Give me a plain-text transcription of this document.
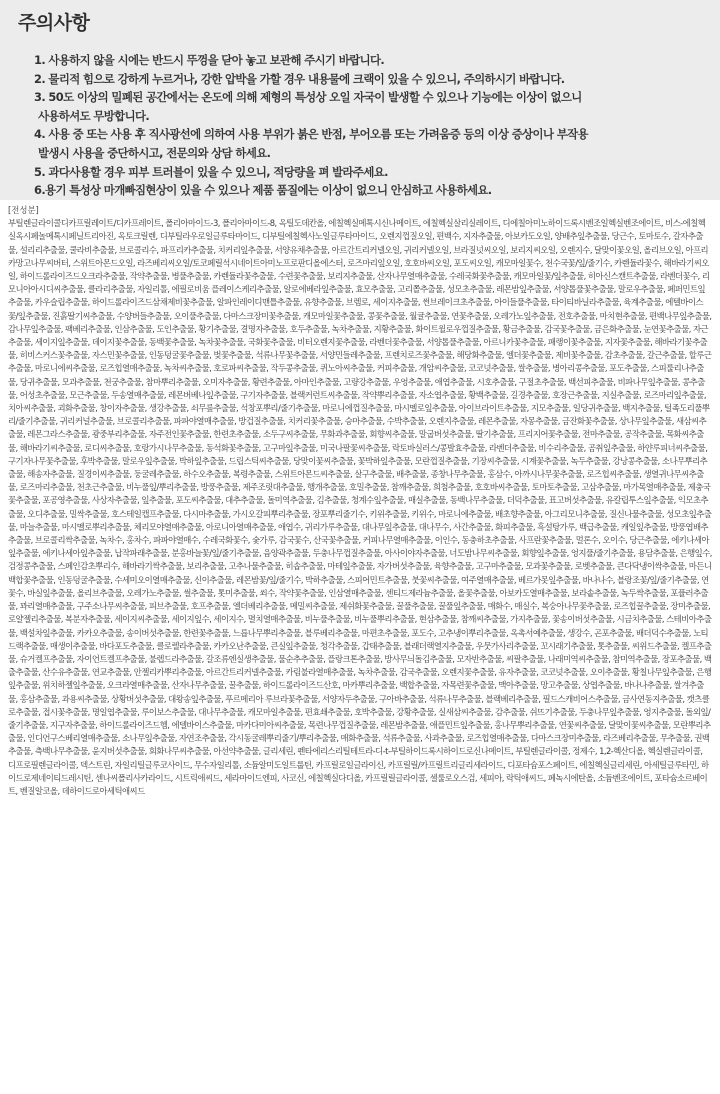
주의사항
1. 사용하지 않을 시에는 반드시 뚜껑을 닫아 놓고 보관해 주시기 바랍니다.
2. 물리적 힘으로 강하게 누르거나, 강한 압박을 가할 경우 내용물에 크랙이 있을 수 있으니, 주의하시기 바랍니다.
3. 50도 이상의 밀폐된 공간에서는 온도에 의해 제형의 특성상 오일 자국이 발생할 수 있으나 기능에는 이상이 없으니
사용하셔도 무방합니다.
4. 사용 중 또는 사용 후 직사광선에 의하여 사용 부위가 붉은 반점, 부어오름 또는 가려움증 등의 이상 증상이나 부작용
발생시 사용을 중단하시고, 전문의와 상담 하세요.
5. 과다사용할 경우 피부 트러블이 있을 수 있으니, 적당량을 펴 발라주세요.
6.용기 특성상 마개빠짐현상이 있을 수 있으나 제품 품질에는 이상이 없으니 안심하고 사용하세요.
[전성분]
부틸렌글라이콜디카프릴레이트/디카프레이트, 폴리아마이드-3, 폴리아마이드-8, 옥틸도데칸올, 에칠헥실메톡시신나메이트, 에칠헥실살리실레이트, 디에칠아미노하이드록시벤조일헥실벤조에이트, 비스-에칠헥실옥시페놀메톡시페닐트리아진, 옥토크릴렌, 디부틸라우로일글루타마이드, 디부틸에칠헥사노일글루타마이드, 오렌지껍질오일, 편백수, 지자추출물, 아보카도오일, 양배추잎추출물, 당근수, 토마토수, 갈자추출물, 설리리추출물, 쿨라비추출물, 브로콜리수, 파프리카추출물, 치커리잎추출물, 서양유채추출물, 아르간트리커넬오일, 귀리커넬오일, 브라질넛씨오일, 보리지씨오일, 오렌지수, 달맞이꽃오일, 올리브오일, 아프리카망고나무씨버터, 스위트아몬드오일, 라즈베리씨오일/토코페릴석시네이트아미노프로판디올에스터, 로즈마리잎오일, 호호바씨오일, 포도씨오일, 캐모마일꽃수, 천수국꽃/잎/줄기수, 카렌듈라꽃수, 해바라기씨오일, 하이드롤라이즈드오크라추출물, 작약추출물, 병풀추출물, 카렌듈라꽃추출물, 수련꽃추출물, 보리지추출물, 산자나무열매추출물, 수레국화꽃추출물, 캐모마일꽃/잎추출물, 히아신스캔트추출물, 라벤더꽃수, 리모니아아시디씨추출물, 클라리추출물, 자일리톨, 에필로비움 플레이스케리추출물, 알로에베라잎추출물, 효모추출물, 고리쫄추출물, 성모초추출물, 레몬밤잎추출물, 서양톱풀꽃추출물, 말로우추출물, 페퍼민트잎추출물, 카우슬립추출물, 하이드롤라이즈드삼채제비꽃추출물, 알파인레이디맨틀추출물, 유향추출물, 브렘로, 세이지추출물, 썬브레이크초추출물, 아이들풀추출물, 타이티바닐라추출물, 육계추출물, 에텔바이스꽃/잎추출물, 진흙딸기씨추출물, 수양버들추출물, 오이풀추출물, 다마스크장미꽃추출물, 캐모마일꽃추출물, 콩꽃추출물, 월귤추출물, 연꽃추출물, 오레가노잎추출물, 전호추출물, 마치현추출물, 편백나무잎추출물, 감나무잎추출물, 팩베리추출물, 인삼추출물, 도인추출물, 황기추출물, 결명자추출물, 호두추출물, 녹차추출물, 지황추출물, 화이트윌로우껍질추출물, 황금추출물, 감국꽃추출물, 금은화추출물, 눈연꽃추출물, 자근추출물, 세이지잎추출물, 데이지꽃추출물, 동백꽃추출물, 녹차꽃추출물, 국화꽃추출물, 비터오렌지꽃추출물, 라벤더꽃추출물, 서양톱풀추출물, 아르니카꽃추출물, 패랭이꽃추출물, 지자꽃추출물, 해바라기꽃추출물, 히비스커스꽃추출물, 자스민꽃추출물, 인동덩굴꽃추출물, 벚꽃추출물, 석류나무꽃추출물, 서양민들레추출물, 프렌치로즈꽃추출물, 해당화추출물, 엘더꽃추출물, 제비꽃추출물, 감초추출물, 갈근추출물, 할루근추출물, 마로니에씨추출물, 로즈힙열매추출물, 녹차씨추출물, 호로파씨추출물, 작두콩추출물, 퀴노아씨추출물, 커피추출물, 개암씨추출물, 코코넛추출물, 쌀추출물, 병아리콩추출물, 포도추출물, 스피룰리나추출물, 당귀추출물, 모과추출물, 천궁추출물, 참마뿌리추출물, 오미자추출물, 황련추출물, 아마인추출물, 고량강추출물, 우엉추출물, 애엽추출물, 시호추출물, 구절초추출물, 백선피추출물, 비파나무잎추출물, 콩추출물, 어성초추출물, 모근추출물, 두송열매추출물, 레몬버베나잎추출물, 구기자추출물, 블랙커런트씨추출물, 작약뿌리추출물, 자소엽추출물, 황백추출물, 길경추출물, 호장근추출물, 지실추출물, 로즈마리잎추출물, 치아씨추출물, 괴화추출물, 창이자추출물, 생강추출물, 쇠무릎추출물, 석창포뿌리/줄기추출물, 마로니에껍질추출물, 마시멜로잎추출물, 아이브라이트추출물, 지모추출물, 일당귀추출물, 백지추출물, 털족도리풀뿌리/줄기추출물, 귀리커널추출물, 브로콜리추출물, 파파야열매추출물, 방겁질추출물, 치커리꽃추출물, 승마추출물, 수박추출물, 오렌지추출물, 레몬추출물, 자몽추출물, 금잔화꽃추출물, 상나무잎추출물, 새삼씨추출물, 레몬그라스추출물, 광중부리추출물, 자주전인꽃추출물, 한련초추출물, 소두구씨추출물, 무화과추출물, 회향씨추출물, 말굽버섯추출물, 딸기추출물, 프리지어꽃추출물, 전마추출물, 공작추출물, 목화씨추출물, 해바라기씨추출물, 로디씨추출물, 호랑가시나무추출물, 동석화꽃추출물, 고구마잎추출물, 미국나팔꽃씨추출물, 락토바실러스/콩발효추출물, 라벤더추출물, 비수리추출물, 곰취잎추출물, 하얀루피너씨추출물, 구기자나무꽃추출물, 후박추출물, 말로우잎추출물, 박하잎추출물, 드립스틱씨추출물, 당맞이꽃씨추출물, 꽃박하잎추출물, 모란껍질추출물, 기장씨추출물, 시계꽃추출물, 녹두추출물, 강낭콩추출물, 소나무뿌리추출물, 해송자추출물, 질경이씨추출물, 둥굴레추출물, 하수오추출물, 복령추출물, 스위트아몬드씨추출물, 살구추출물, 배추출물, 종창나무추출물, 홍삼수, 아까시나무꽃추출물, 로즈힙씨추출물, 생열귀나무씨추출물, 로즈마리추출물, 천초근추출물, 비누풀잎/뿌리추출물, 방풍추출물, 제주조릿대추출물, 행개추출물, 호밀추출물, 참깨추출물, 희첨추출물, 호호바씨추출물, 토마토추출물, 고삼추출물, 마가목열매추출물, 제충국꽃추출물, 포공영추출물, 사상자추출물, 잎추출물, 포도씨추출물, 대추추출물, 돌미역추출물, 김추출물, 청계수잎추출물, 매실추출물, 동백나무추출물, 더덕추출물, 표고버섯추출물, 유칼립투스잎추출물, 익모초추출물, 오디추출물, 밀싹추출물, 호스테일캡프추출물, 다시마추출물, 가시오갈피뿌리추출물, 장포뿌리줄기수, 키위추출물, 키위수, 마로니에추출물, 배초향추출물, 아그리모니추출물, 질신나물추출물, 성모초잎추출물, 마늘추출물, 마시멜로뿌리추출물, 체리모야열매추출물, 아로니아열매추출물, 애엽수, 귀리가루추출물, 대나무잎추출물, 대나무수, 사간추출물, 화피추출물, 흑설탕가루, 백급추출물, 캐일잎추출물, 방풍엽배추추출물, 브로콜리싹추출물, 녹차수, 홍차수, 파파야열매수, 수레국화꽃수, 숯가루, 감국꽃수, 산국꽃추출물, 커피나무열매추출물, 이인수, 동충하초추출물, 사프란꽃추출물, 멀론수, 오이수, 당근추출물, 에키나세아잎추출물, 에키나세아잎추출물, 납작파래추출물, 분홍바늘꽃/잎/줄기추출물, 음양곽추출물, 두충나무껍질추출물, 아사이야자추출물, 너도밤나무씨추출물, 회향잎추출물, 엉지풀/줄기추출물, 용담추출물, 은행잎수, 검정콩추출물, 스페인감초뿌리수, 해바라기싹추출물, 보리추출물, 고추나물추출물, 히솝추출물, 마테잎추출물, 자가버섯추출물, 육향추출물, 고구마추출물, 모과꽃추출물, 로벳추출물, 큰다닥냉이싹추출물, 마든니백합꽃추출물, 인동덩굴추출물, 수세미오이열매추출물, 신이추출물, 레몬밤꽃/잎/줄기수, 박하추출물, 스피어민트추출물, 붓꽃씨추출물, 여주열매추출물, 베르가못잎추출물, 바나나수, 블랑조꽃/잎/줄기추출물, 연꽃수, 바실잎추출물, 올리브추출물, 오레가노추출물, 썰추출물, 톳미추출물, 쐬수, 작약꽃추출물, 인삼열매추출물, 센티드제라늄추출물, 올꽃추출물, 아보카도열매추출물, 보라솥추출물, 녹두싹추출물, 포퓰러추출물, 꽈리열매추출물, 구주소나무씨추출물, 피브추출물, 호프추출물, 엘더베리추출물, 메밀씨추출물, 제쉬화꽃추출물, 꿀풀추출물, 꿀풀잎추출물, 매화수, 매실수, 복숭아나무꽃추출물, 로즈힙꿀추출물, 장미추출물, 로얄젤리추출물, 복분자추출물, 세이지씨추출물, 세이지잎수, 세이지수, 멸치열매추출물, 비누풀추출물, 비누풀뿌리추출물, 현삼추출물, 참깨씨추출물, 가지추출물, 꽃송이버섯추출물, 시금치추출물, 스테비아추출물, 백설차잎추출물, 카카오추출물, 송이버섯추출물, 한련꽃추출물, 느릅나무뿌리추출물, 블루베리추출물, 마편초추출물, 포도수, 고추냉이뿌리추출물, 옥촉서예추출물, 생강수, 곤포추출물, 배더덕수추출물, 노티드랙추출물, 매생이추출물, 바다포도추출물, 클로렐라추출물, 카카오난추출물, 큰실잎추출물, 청각추출물, 갑태추출물, 블래더랙열지추출물, 우뭇가사리추출물, 꼬시래기추출물, 톳추출물, 씨위드추출물, 켈프추출물, 슈거켈프추출물, 자이언트켈프추출물, 불렙드라추출물, 갈조류엔실생추출물, 물순추추출물, 플랑크톤추출물, 방사무늬돌김추출물, 모자반추출물, 씨팔추출물, 나래미역씨추출물, 참미역추출물, 장포추출물, 백출추출물, 산수유추출물, 연교추출물, 안젤리카뿌리추출물, 아르간트리커넬추출물, 카림불라열매추출물, 녹차추출물, 감국추출물, 오렌지꽃추출물, 유자추출물, 코코넛추출물, 오이추출물, 황칠나무잎추출물, 은행잎추출물, 위치하젤잎추출물, 오크라열매추출물, 산자나무추출물, 꿀추출물, 하이드롤라이즈드산호, 마카뿌리추출물, 백합추출물, 자목련꽃추출물, 맥아추출물, 망고추출물, 상엽추출물, 바나나추출물, 쌀겨추출물, 홍삼추출물, 과용씨추출물, 상황버섯추출물, 대왕송잎추출물, 푸르메리아 루브라꽃추출물, 서양자두추출물, 구아바추출물, 석류나무추출물, 블랙베리추출물, 필드스캐비어스추출물, 금사연동지추출물, 캣츠클로추출물, 접시꽃추출물, 명일엽추출물, 루이보스추출물, 대나무추출물, 캐모마일추출물, 편효쇄추출물, 호박추출물, 강황추출물, 실새삼씨추출물, 감추출물, 쉬뜨기추출물, 두충나무잎추출물, 엉지추출물, 돌외잎/줄기추출물, 지구자추출물, 하이드롤라이즈드헴, 에델바이스추출물, 마카다미아씨추출물, 목련나무껍질추출물, 레몬밤추출물, 애플민트잎추출물, 홍나무뿌리추출물, 연꽃씨추출물, 달맞이꽃씨추출물, 모란뿌리추출물, 인디언구스베리열매추출물, 소나무잎추출물, 자연조추출물, 각시동굴레뿌리줄기/뿌리추출물, 매화추출물, 석류추출물, 사과추출물, 로즈힙열매추출물, 다마스크장미추출물, 라즈베리추출물, 무추출물, 권백추출물, 측백나무추출물, 윤지버섯추출물, 회화나무씨추출물, 아선약추출물, 글리세린, 펜타에리스리틸테트라-디-t-부틸하이드록시하이드로신나메이트, 부틸렌글라이콜, 정제수, 1,2-헥산디올, 헥실렌글라이콜, 디프로필렌글라이콜, 덱스트린, 자일리틸글루코사이드, 무수자일리톨, 소듐알미도일트룹틴, 카프릴로일글라이신, 카프릴릴/카프릴트리글리세라이드, 디포타슘포스페이트, 에칠헥실글리세린, 아세틸글루타민, 하이드로제네이티드레시틴, 센나씨폴리사카라이드, 시트릭애씨드, 세라마이드엔피, 사코신, 에칠헥실다디올, 카프릴릴글라이콜, 셀룰로오스검, 세피아, 락틱애씨드, 페녹시에탄올, 소듐벤조에이트, 포타슘소르베이트, 벤질알코올, 데하이드로아세틱애씨드
